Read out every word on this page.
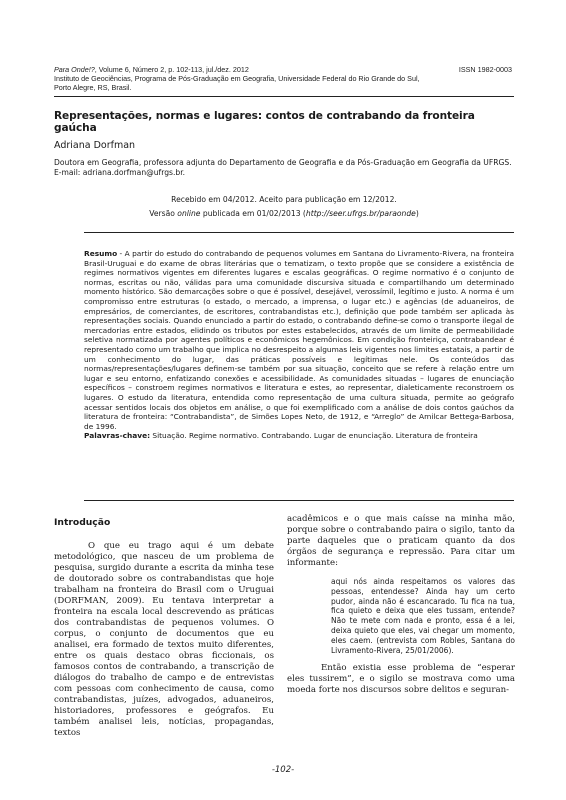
Para Onde!?, Volume 6, Número 2, p. 102-113, jul./dez. 2012
Instituto de Geociências, Programa de Pós-Graduação em Geografia, Universidade Federal do Rio Grande do Sul,
Porto Alegre, RS, Brasil.
ISSN 1982-0003
Representações, normas e lugares: contos de contrabando da fronteira gaúcha
Adriana Dorfman
Doutora em Geografia, professora adjunta do Departamento de Geografia e da Pós-Graduação em Geografia da UFRGS. E-mail: adriana.dorfman@ufrgs.br.
Recebido em 04/2012. Aceito para publicação em 12/2012.
Versão online publicada em 01/02/2013 (http://seer.ufrgs.br/paraonde)
Resumo - A partir do estudo do contrabando de pequenos volumes em Santana do Livramento-Rivera, na fronteira Brasil-Uruguai e do exame de obras literárias que o tematizam, o texto propõe que se considere a existência de regimes normativos vigentes em diferentes lugares e escalas geográficas. O regime normativo é o conjunto de normas, escritas ou não, válidas para uma comunidade discursiva situada e compartilhando um determinado momento histórico. São demarcações sobre o que é possível, desejável, verossímil, legítimo e justo. A norma é um compromisso entre estruturas (o estado, o mercado, a imprensa, o lugar etc.) e agências (de aduaneiros, de empresários, de comerciantes, de escritores, contrabandistas etc.), definição que pode também ser aplicada às representações sociais. Quando enunciado a partir do estado, o contrabando define-se como o transporte ilegal de mercadorias entre estados, elidindo os tributos por estes estabelecidos, através de um limite de permeabilidade seletiva normatizada por agentes políticos e econômicos hegemônicos. Em condição fronteiriça, contrabandear é representado como um trabalho que implica no desrespeito a algumas leis vigentes nos limites estatais, a partir de um conhecimento do lugar, das práticas possíveis e legítimas nele. Os conteúdos das normas/representações/lugares definem-se também por sua situação, conceito que se refere à relação entre um lugar e seu entorno, enfatizando conexões e acessibilidade. As comunidades situadas – lugares de enunciação específicos – constroem regimes normativos e literatura e estes, ao representar, dialeticamente reconstroem os lugares. O estudo da literatura, entendida como representação de uma cultura situada, permite ao geógrafo acessar sentidos locais dos objetos em análise, o que foi exemplificado com a análise de dois contos gaúchos da literatura de fronteira: “Contrabandista”, de Simões Lopes Neto, de 1912, e “Arreglo” de Amilcar Bettega-Barbosa, de 1996.
Palavras-chave: Situação. Regime normativo. Contrabando. Lugar de enunciação. Literatura de fronteira
Introdução

O que eu trago aqui é um debate metodológico, que nasceu de um problema de pesquisa, surgido durante a escrita da minha tese de doutorado sobre os contrabandistas que hoje trabalham na fronteira do Brasil com o Uruguai (DORFMAN, 2009). Eu tentava interpretar a fronteira na escala local descrevendo as práticas dos contrabandistas de pequenos volumes. O corpus, o conjunto de documentos que eu analisei, era formado de textos muito diferentes, entre os quais destaco obras ficcionais, os famosos contos de contrabando, a transcrição de diálogos do trabalho de campo e de entrevistas com pessoas com conhecimento de causa, como contrabandistas, juízes, advogados, aduaneiros, historiadores, professores e geógrafos. Eu também analisei leis, notícias, propagandas, textos

acadêmicos e o que mais caísse na minha mão, porque sobre o contrabando paira o sigilo, tanto da parte daqueles que o praticam quanto da dos órgãos de segurança e repressão. Para citar um informante:

aqui nós ainda respeitamos os valores das pessoas, entendesse? Ainda hay um certo pudor, ainda não é escancarado. Tu fica na tua, fica quieto e deixa que eles tussam, entende? Não te mete com nada e pronto, essa é a lei, deixa quieto que eles, vai chegar um momento, eles caem. (entrevista com Robles, Santana do Livramento-Rivera, 25/01/2006).

Então existia esse problema de “esperar eles tussirem”, e o sigilo se mostrava como uma moeda forte nos discursos sobre delitos e seguran-

-102-
